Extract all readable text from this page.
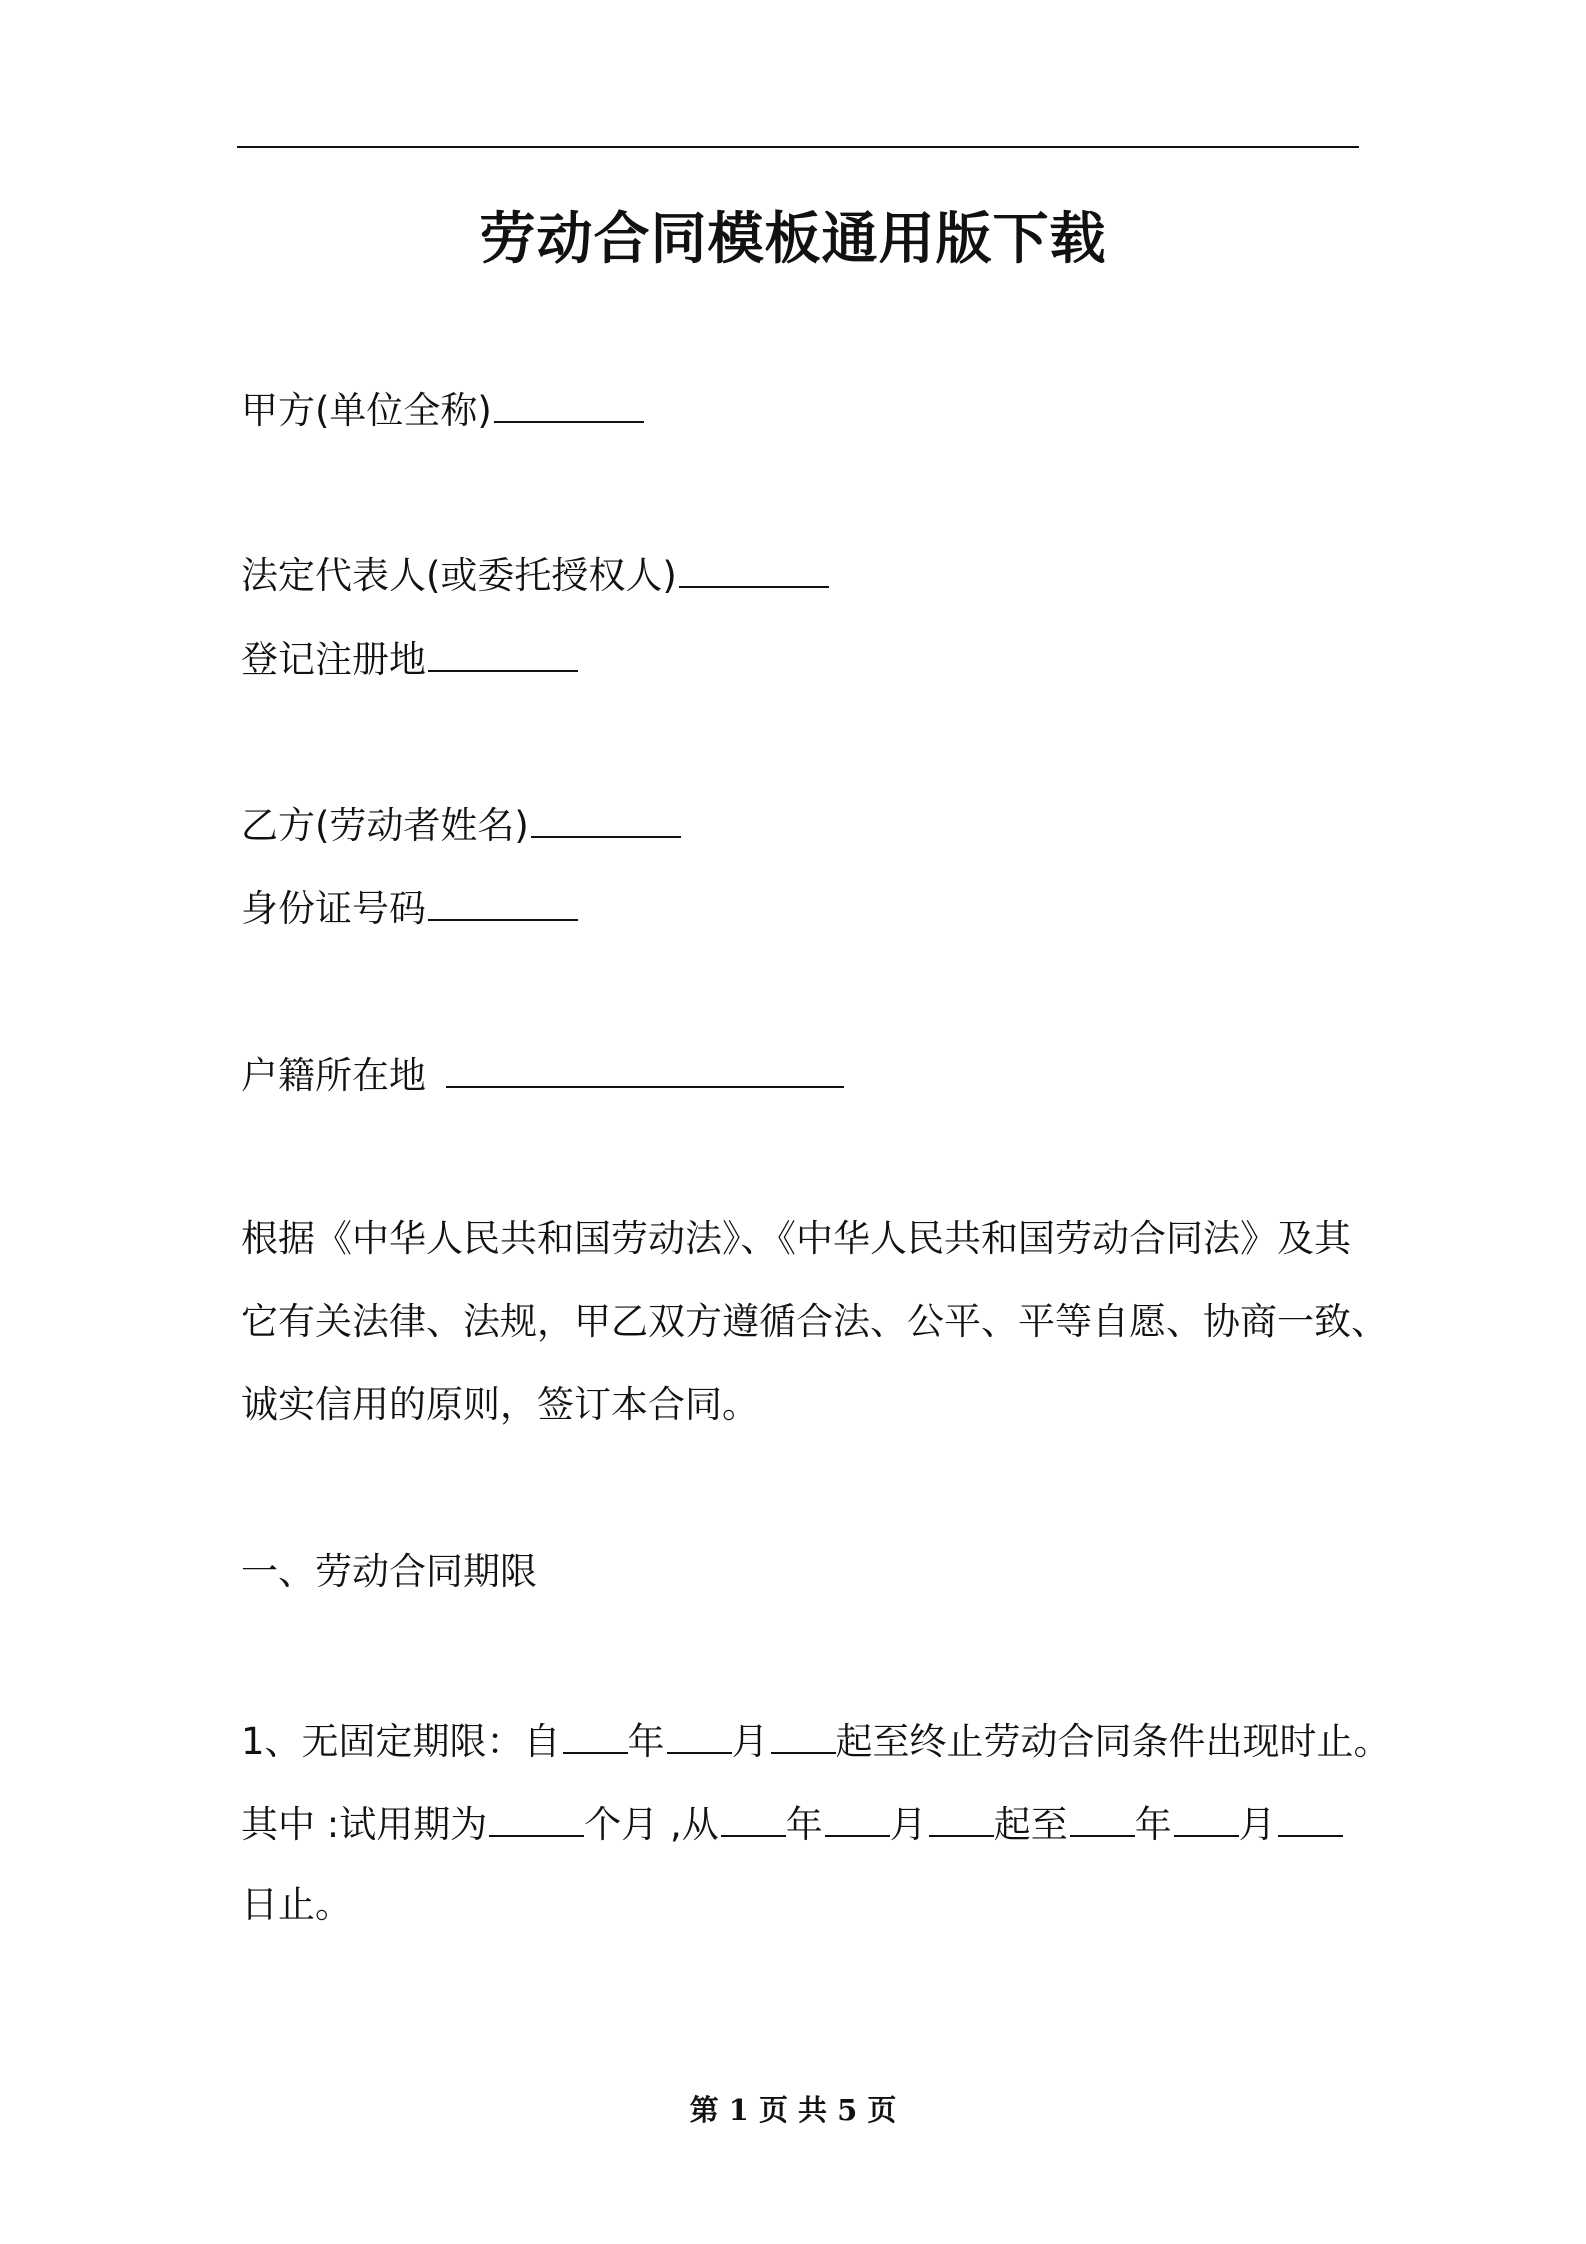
劳动合同模板通用版下载

甲方(单位全称)

法定代表人(或委托授权人)

登记注册地

乙方(劳动者姓名)

身份证号码

户籍所在地

根据《中华人民共和国劳动法》、《中华人民共和国劳动合同法》及其

它有关法律、法规，甲乙双方遵循合法、公平、平等自愿、协商一致、

诚实信用的原则，签订本合同。

一、劳动合同期限

1、无固定期限：自 年 月 起至终止劳动合同条件出现时止。

其中 :试用期为	个月 ,从 年 月 起至 年 月

日止。

第 1 页 共 5 页
